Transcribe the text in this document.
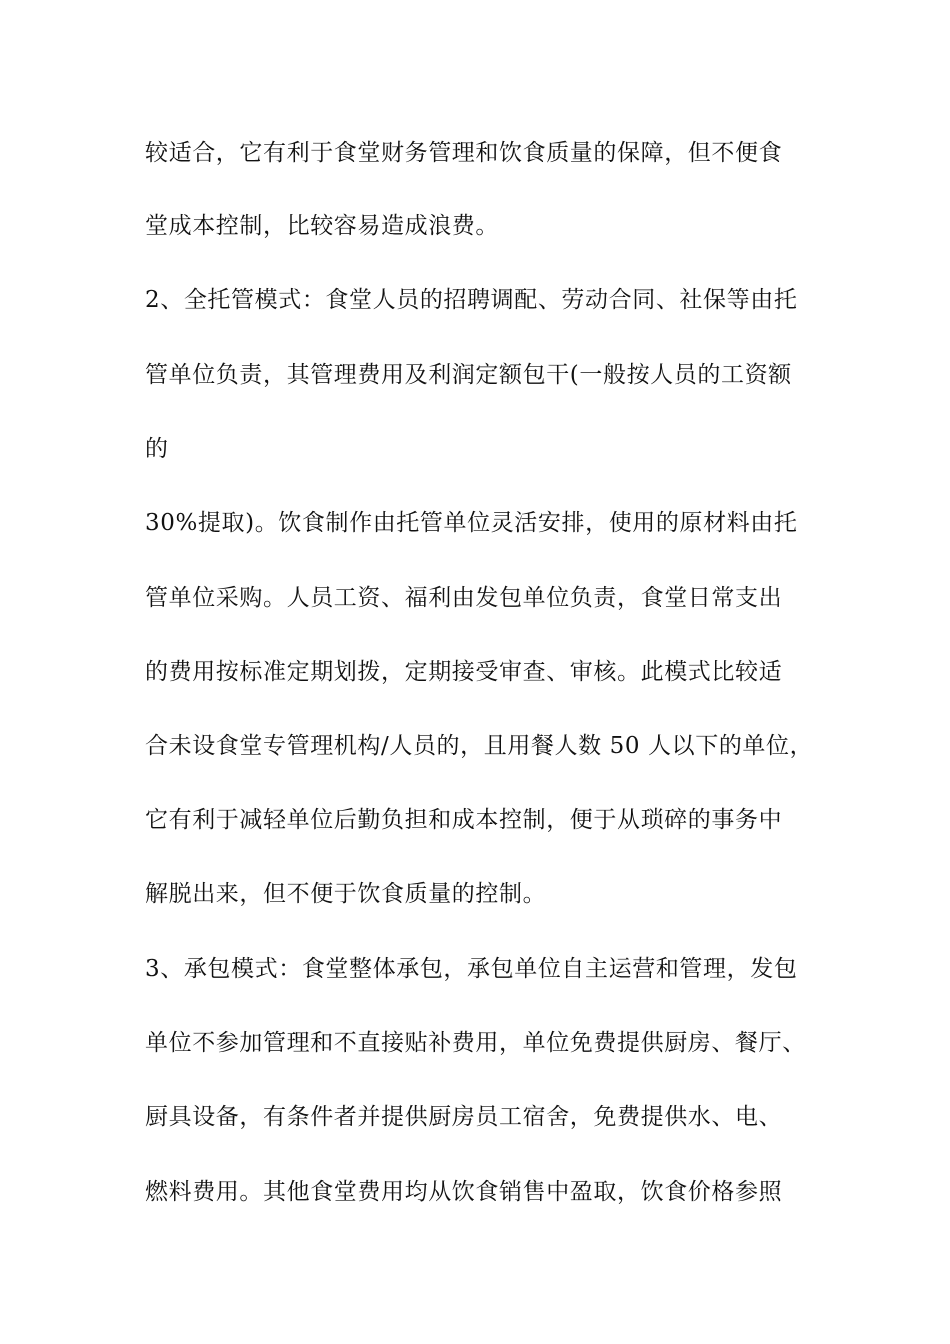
较适合，它有利于食堂财务管理和饮食质量的保障，但不便食
堂成本控制，比较容易造成浪费。
2、全托管模式：食堂人员的招聘调配、劳动合同、社保等由托
管单位负责，其管理费用及利润定额包干(一般按人员的工资额
的
30%提取)。饮食制作由托管单位灵活安排，使用的原材料由托
管单位采购。人员工资、福利由发包单位负责，食堂日常支出
的费用按标准定期划拨，定期接受审查、审核。此模式比较适
合未设食堂专管理机构/人员的，且用餐人数 50 人以下的单位，
它有利于减轻单位后勤负担和成本控制，便于从琐碎的事务中
解脱出来，但不便于饮食质量的控制。
3、承包模式：食堂整体承包，承包单位自主运营和管理，发包
单位不参加管理和不直接贴补费用，单位免费提供厨房、餐厅、
厨具设备，有条件者并提供厨房员工宿舍，免费提供水、电、
燃料费用。其他食堂费用均从饮食销售中盈取，饮食价格参照
